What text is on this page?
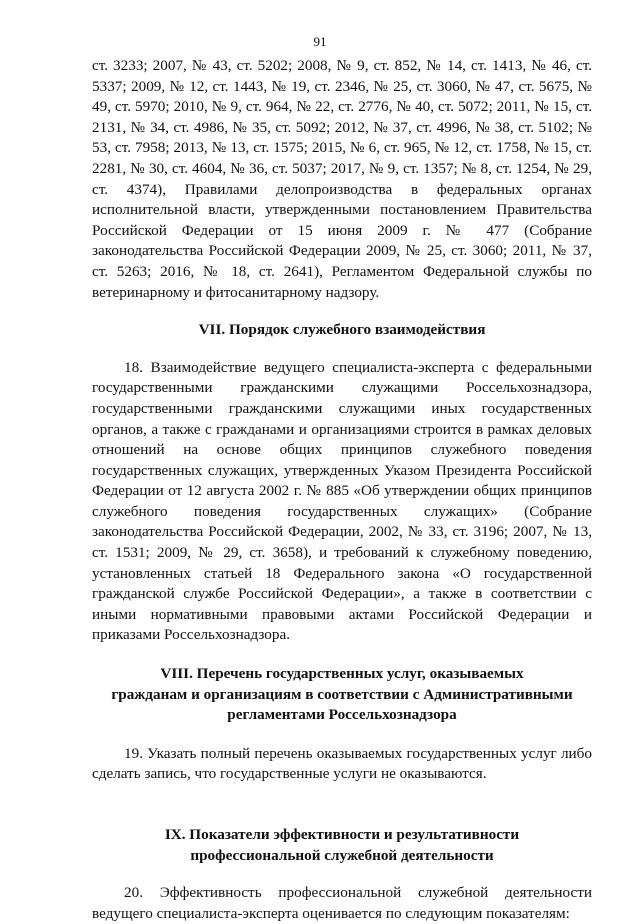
91

ст. 3233; 2007, № 43, ст. 5202; 2008, № 9, ст. 852, № 14, ст. 1413, № 46, ст. 5337; 2009, № 12, ст. 1443, № 19, ст. 2346, № 25, ст. 3060, № 47, ст. 5675, № 49, ст. 5970; 2010, № 9, ст. 964, № 22, ст. 2776, № 40, ст. 5072; 2011, № 15, ст. 2131, № 34, ст. 4986, № 35, ст. 5092; 2012, № 37, ст. 4996, № 38, ст. 5102; № 53, ст. 7958; 2013, № 13, ст. 1575; 2015, № 6, ст. 965, № 12, ст. 1758, № 15, ст. 2281, № 30, ст. 4604, № 36, ст. 5037; 2017, № 9, ст. 1357; № 8, ст. 1254, № 29, ст. 4374), Правилами делопроизводства в федеральных органах исполнительной власти, утвержденными постановлением Правительства Российской Федерации от 15 июня 2009 г. № 477 (Собрание законодательства Российской Федерации 2009, № 25, ст. 3060; 2011, № 37, ст. 5263; 2016, № 18, ст. 2641), Регламентом Федеральной службы по ветеринарному и фитосанитарному надзору.

VII. Порядок служебного взаимодействия

18. Взаимодействие ведущего специалиста-эксперта с федеральными государственными гражданскими служащими Россельхознадзора, государственными гражданскими служащими иных государственных органов, а также с гражданами и организациями строится в рамках деловых отношений на основе общих принципов служебного поведения государственных служащих, утвержденных Указом Президента Российской Федерации от 12 августа 2002 г. № 885 «Об утверждении общих принципов служебного поведения государственных служащих» (Собрание законодательства Российской Федерации, 2002, № 33, ст. 3196; 2007, № 13, ст. 1531; 2009, № 29, ст. 3658), и требований к служебному поведению, установленных статьей 18 Федерального закона «О государственной гражданской службе Российской Федерации», а также в соответствии с иными нормативными правовыми актами Российской Федерации и приказами Россельхознадзора.

VIII. Перечень государственных услуг, оказываемых
гражданам и организациям в соответствии с Административными
регламентами Россельхознадзора

19. Указать полный перечень оказываемых государственных услуг либо сделать запись, что государственные услуги не оказываются.

IX. Показатели эффективности и результативности
профессиональной служебной деятельности

20. Эффективность профессиональной служебной деятельности ведущего специалиста-эксперта оценивается по следующим показателям:
